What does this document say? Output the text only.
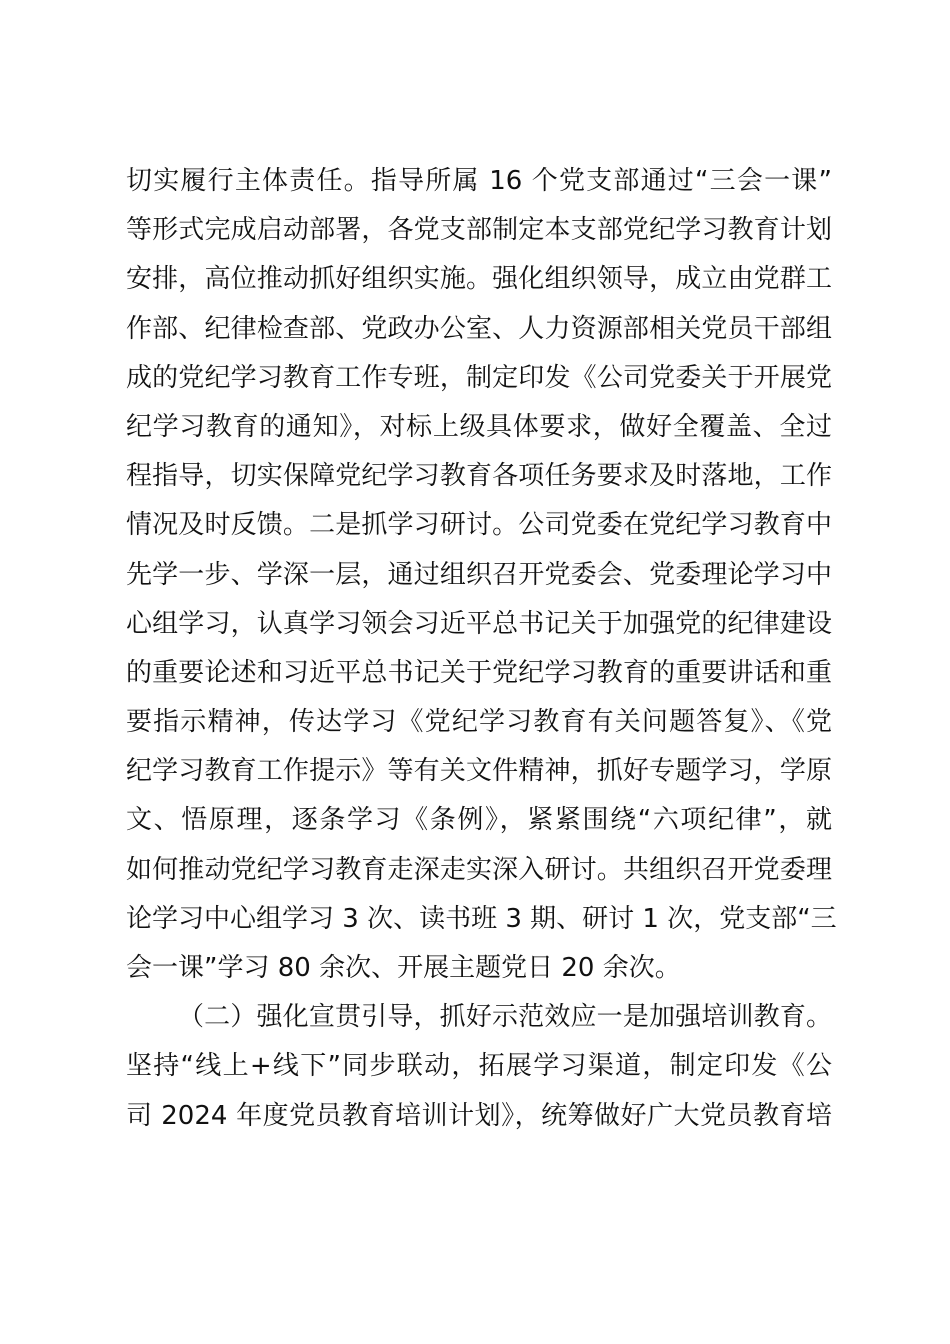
切实履行主体责任。指导所属 16 个党支部通过“三会一课”
等形式完成启动部署，各党支部制定本支部党纪学习教育计划
安排，高位推动抓好组织实施。强化组织领导，成立由党群工
作部、纪律检查部、党政办公室、人力资源部相关党员干部组
成的党纪学习教育工作专班，制定印发《公司党委关于开展党
纪学习教育的通知》，对标上级具体要求，做好全覆盖、全过
程指导，切实保障党纪学习教育各项任务要求及时落地，工作
情况及时反馈。二是抓学习研讨。公司党委在党纪学习教育中
先学一步、学深一层，通过组织召开党委会、党委理论学习中
心组学习，认真学习领会习近平总书记关于加强党的纪律建设
的重要论述和习近平总书记关于党纪学习教育的重要讲话和重
要指示精神，传达学习《党纪学习教育有关问题答复》、《党
纪学习教育工作提示》等有关文件精神，抓好专题学习，学原
文、悟原理，逐条学习《条例》，紧紧围绕“六项纪律”，就
如何推动党纪学习教育走深走实深入研讨。共组织召开党委理
论学习中心组学习 3 次、读书班 3 期、研讨 1 次，党支部“三
会一课”学习 80 余次、开展主题党日 20 余次。
（二）强化宣贯引导，抓好示范效应一是加强培训教育。
坚持“线上+线下”同步联动，拓展学习渠道，制定印发《公
司 2024 年度党员教育培训计划》，统筹做好广大党员教育培
